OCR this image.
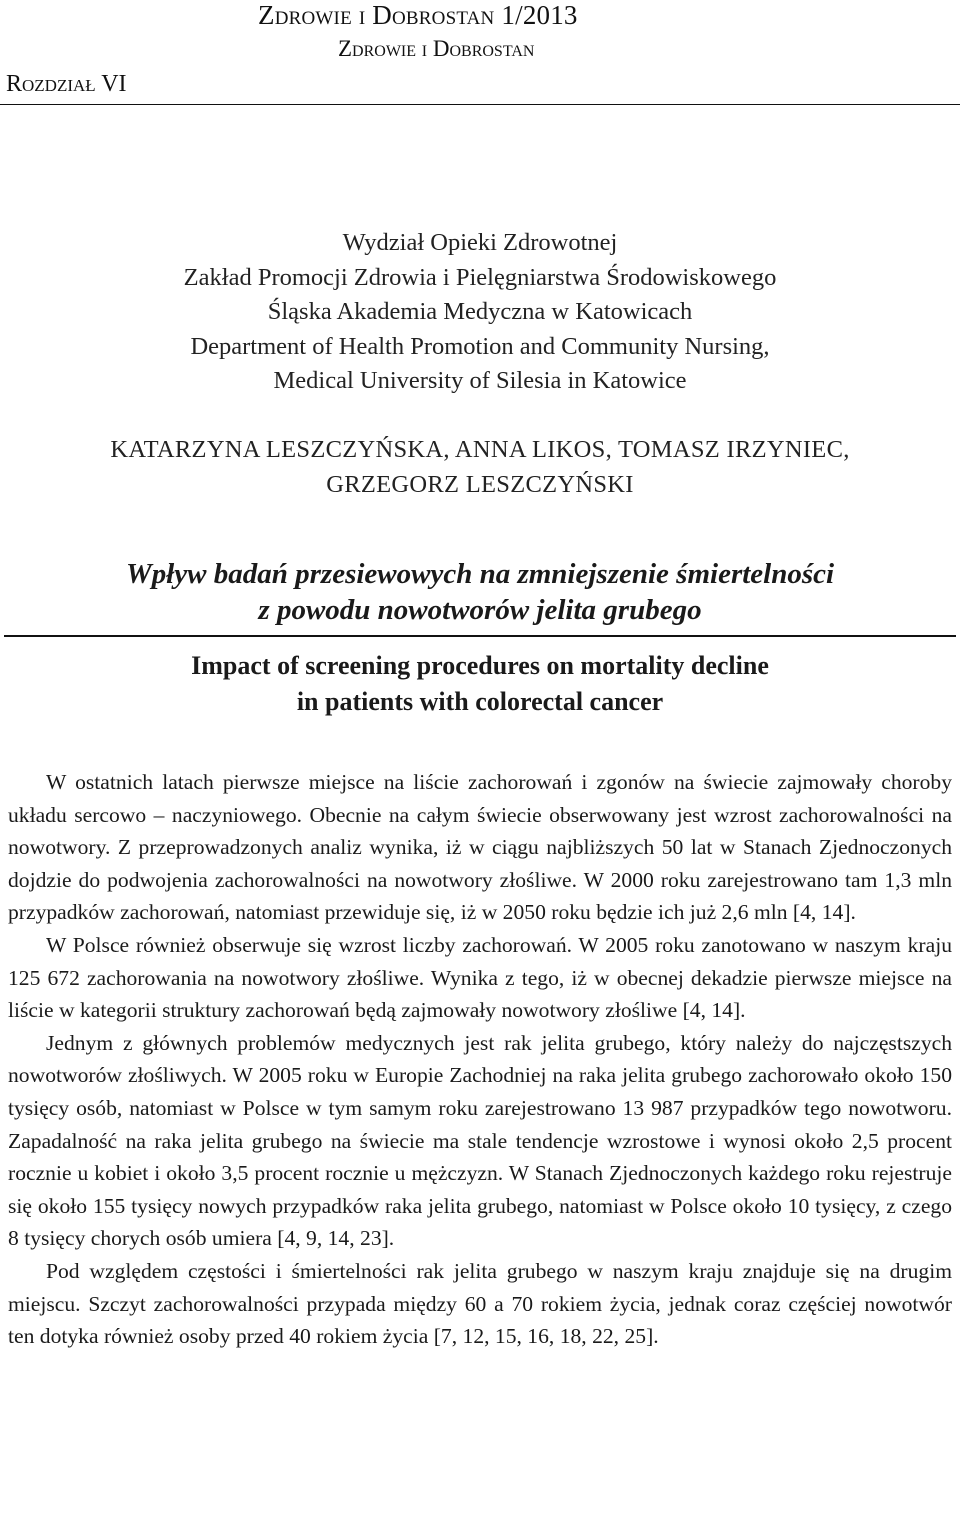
Zdrowie i Dobrostan 1/2013
Zdrowie i Dobrostan
Rozdział VI
Wydział Opieki Zdrowotnej
Zakład Promocji Zdrowia i Pielęgniarstwa Środowiskowego
Śląska Akademia Medyczna w Katowicach
Department of Health Promotion and Community Nursing,
Medical University of Silesia in Katowice
KATARZYNA LESZCZYŃSKA, ANNA LIKOS, TOMASZ IRZYNIEC,
GRZEGORZ LESZCZYŃSKI
Wpływ badań przesiewowych na zmniejszenie śmiertelności
z powodu nowotworów jelita grubego
Impact of screening procedures on mortality decline
in patients with colorectal cancer

W ostatnich latach pierwsze miejsce na liście zachorowań i zgonów na świecie zajmowały choroby układu sercowo – naczyniowego. Obecnie na całym świecie obserwowany jest wzrost zachorowalności na nowotwory. Z przeprowadzonych analiz wynika, iż w ciągu najbliższych 50 lat w Stanach Zjednoczonych dojdzie do podwojenia zachorowalności na nowotwory złośliwe. W 2000 roku zarejestrowano tam 1,3 mln przypadków zachorowań, natomiast przewiduje się, iż w 2050 roku będzie ich już 2,6 mln [4, 14].

W Polsce również obserwuje się wzrost liczby zachorowań. W 2005 roku zanotowano w naszym kraju 125 672 zachorowania na nowotwory złośliwe. Wynika z tego, iż w obecnej dekadzie pierwsze miejsce na liście w kategorii struktury zachorowań będą zajmowały nowotwory złośliwe [4, 14].

Jednym z głównych problemów medycznych jest rak jelita grubego, który należy do najczęstszych nowotworów złośliwych. W 2005 roku w Europie Zachodniej na raka jelita grubego zachorowało około 150 tysięcy osób, natomiast w Polsce w tym samym roku zarejestrowano 13 987 przypadków tego nowotworu. Zapadalność na raka jelita grubego na świecie ma stale tendencje wzrostowe i wynosi około 2,5 procent rocznie u kobiet i około 3,5 procent rocznie u mężczyzn. W Stanach Zjednoczonych każdego roku rejestruje się około 155 tysięcy nowych przypadków raka jelita grubego, natomiast w Polsce około 10 tysięcy, z czego 8 tysięcy chorych osób umiera [4, 9, 14, 23].

Pod względem częstości i śmiertelności rak jelita grubego w naszym kraju znajduje się na drugim miejscu. Szczyt zachorowalności przypada między 60 a 70 rokiem życia, jednak coraz częściej nowotwór ten dotyka również osoby przed 40 rokiem życia [7, 12, 15, 16, 18, 22, 25].
